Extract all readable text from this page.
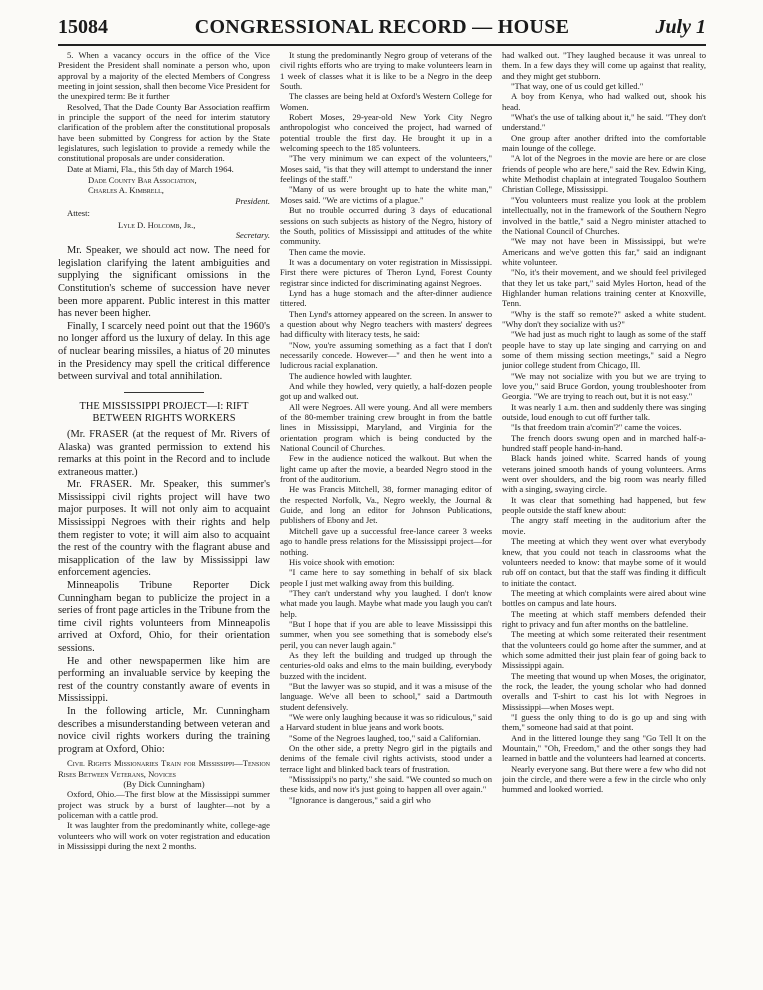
15084	CONGRESSIONAL RECORD — HOUSE	July 1

5. When a vacancy occurs in the office of the Vice President the President shall nominate a person who, upon approval by a majority of the elected Members of Congress meeting in joint session, shall then become Vice President for the unexpired term: Be it further

Resolved, That the Dade County Bar Association reaffirm in principle the support of the need for interim statutory clarification of the problem after the constitutional proposals have been submitted by Congress for action by the State legislatures, such legislation to provide a remedy while the constitutional proposals are under consideration.

Date at Miami, Fla., this 5th day of March 1964.

Dade County Bar Association,
Charles A. Kimbrell,
President.
Attest:
Lyle D. Holcomb, Jr.,
Secretary.

Mr. Speaker, we should act now. The need for legislation clarifying the latent ambiguities and supplying the significant omissions in the Constitution's scheme of succession have never been more apparent. Public interest in this matter has never been higher.

Finally, I scarcely need point out that the 1960's no longer afford us the luxury of delay. In this age of nuclear bearing missiles, a hiatus of 20 minutes in the Presidency may spell the critical difference between survival and total annihilation.

THE MISSISSIPPI PROJECT—I: RIFT BETWEEN RIGHTS WORKERS

(Mr. FRASER (at the request of Mr. Rivers of Alaska) was granted permission to extend his remarks at this point in the Record and to include extraneous matter.)

Mr. FRASER. Mr. Speaker, this summer's Mississippi civil rights project will have two major purposes. It will not only aim to acquaint Mississippi Negroes with their rights and help them register to vote; it will aim also to acquaint the rest of the country with the flagrant abuse and misapplication of the law by Mississippi law enforcement agencies.

Minneapolis Tribune Reporter Dick Cunningham began to publicize the project in a series of front page articles in the Tribune from the time civil rights volunteers from Minneapolis arrived at Oxford, Ohio, for their orientation sessions.

He and other newspapermen like him are performing an invaluable service by keeping the rest of the country constantly aware of events in Mississippi.

In the following article, Mr. Cunningham describes a misunderstanding between veteran and novice civil rights workers during the training program at Oxford, Ohio:

Civil Rights Missionaries Train for Mississippi—Tension Rises Between Veterans, Novices

(By Dick Cunningham)

Oxford, Ohio.—The first blow at the Mississippi summer project was struck by a burst of laughter—not by a policeman with a cattle prod.

It was laughter from the predominantly white, college-age volunteers who will work on voter registration and education in Mississippi during the next 2 months.

It stung the predominantly Negro group of veterans of the civil rights efforts who are trying to make volunteers learn in 1 week of classes what it is like to be a Negro in the deep South.

The classes are being held at Oxford's Western College for Women.

Robert Moses, 29-year-old New York City Negro anthropologist who conceived the project, had warned of potential trouble the first day. He brought it up in a welcoming speech to the 185 volunteers.

"The very minimum we can expect of the volunteers," Moses said, "is that they will attempt to understand the inner feelings of the staff."

"Many of us were brought up to hate the white man," Moses said. "We are victims of a plague."

But no trouble occurred during 3 days of educational sessions on such subjects as history of the Negro, history of the South, politics of Mississippi and attitudes of the white community.

Then came the movie.

It was a documentary on voter registration in Mississippi. First there were pictures of Theron Lynd, Forest County registrar since indicted for discriminating against Negroes.

Lynd has a huge stomach and the after-dinner audience tittered.

Then Lynd's attorney appeared on the screen. In answer to a question about why Negro teachers with masters' degrees had difficulty with literacy tests, he said:

"Now, you're assuming something as a fact that I don't necessarily concede. However—" and then he went into a ludicrous racial explanation.

The audience howled with laughter.

And while they howled, very quietly, a half-dozen people got up and walked out.

All were Negroes. All were young. And all were members of the 80-member training crew brought in from the battle lines in Mississippi, Maryland, and Virginia for the orientation program which is being conducted by the National Council of Churches.

Few in the audience noticed the walkout. But when the light came up after the movie, a bearded Negro stood in the front of the auditorium.

He was Francis Mitchell, 38, former managing editor of the respected Norfolk, Va., Negro weekly, the Journal & Guide, and long an editor for Johnson Publications, publishers of Ebony and Jet.

Mitchell gave up a successful free-lance career 3 weeks ago to handle press relations for the Mississippi project—for nothing.

His voice shook with emotion:

"I came here to say something in behalf of six black people I just met walking away from this building.

"They can't understand why you laughed. I don't know what made you laugh. Maybe what made you laugh you can't help.

"But I hope that if you are able to leave Mississippi this summer, when you see something that is somebody else's peril, you can never laugh again."

As they left the building and trudged up through the centuries-old oaks and elms to the main building, everybody buzzed with the incident.

"But the lawyer was so stupid, and it was a misuse of the language. We've all been to school," said a Dartmouth student defensively.

"We were only laughing because it was so ridiculous," said a Harvard student in blue jeans and work boots.

"Some of the Negroes laughed, too," said a Californian.

On the other side, a pretty Negro girl in the pigtails and denims of the female civil rights activists, stood under a terrace light and blinked back tears of frustration.

"Mississippi's no party," she said. "We counted so much on these kids, and now it's just going to happen all over again."

"Ignorance is dangerous," said a girl who

had walked out. "They laughed because it was unreal to them. In a few days they will come up against that reality, and they might get stubborn.

"That way, one of us could get killed."

A boy from Kenya, who had walked out, shook his head.

"What's the use of talking about it," he said. "They don't understand."

One group after another drifted into the comfortable main lounge of the college.

"A lot of the Negroes in the movie are here or are close friends of people who are here," said the Rev. Edwin King, white Methodist chaplain at integrated Tougaloo Southern Christian College, Mississippi.

"You volunteers must realize you look at the problem intellectually, not in the framework of the Southern Negro involved in the battle," said a Negro minister attached to the National Council of Churches.

"We may not have been in Mississippi, but we're Americans and we've gotten this far," said an indignant white volunteer.

"No, it's their movement, and we should feel privileged that they let us take part," said Myles Horton, head of the Highlander human relations training center at Knoxville, Tenn.

"Why is the staff so remote?" asked a white student. "Why don't they socialize with us?"

"We had just as much right to laugh as some of the staff people have to stay up late singing and carrying on and some of them missing section meetings," said a Negro junior college student from Chicago, Ill.

"We may not socialize with you but we are trying to love you," said Bruce Gordon, young troubleshooter from Georgia. "We are trying to reach out, but it is not easy."

It was nearly 1 a.m. then and suddenly there was singing outside, loud enough to cut off further talk.

"Is that freedom train a'comin'?" came the voices.

The french doors swung open and in marched half-a-hundred staff people hand-in-hand.

Black hands joined white. Scarred hands of young veterans joined smooth hands of young volunteers. Arms went over shoulders, and the big room was nearly filled with a singing, swaying circle.

It was clear that something had happened, but few people outside the staff knew about:

The angry staff meeting in the auditorium after the movie.

The meeting at which they went over what everybody knew, that you could not teach in classrooms what the volunteers needed to know: that maybe some of it would rub off on contact, but that the staff was finding it difficult to initiate the contact.

The meeting at which complaints were aired about wine bottles on campus and late hours.

The meeting at which staff members defended their right to privacy and fun after months on the battleline.

The meeting at which some reiterated their resentment that the volunteers could go home after the summer, and at which some admitted their just plain fear of going back to Mississippi again.

The meeting that wound up when Moses, the originator, the rock, the leader, the young scholar who had donned overalls and T-shirt to cast his lot with Negroes in Mississippi—when Moses wept.

"I guess the only thing to do is go up and sing with them," someone had said at that point.

And in the littered lounge they sang "Go Tell It on the Mountain," "Oh, Freedom," and the other songs they had learned in battle and the volunteers had learned at concerts.

Nearly everyone sang. But there were a few who did not join the circle, and there were a few in the circle who only hummed and looked worried.
